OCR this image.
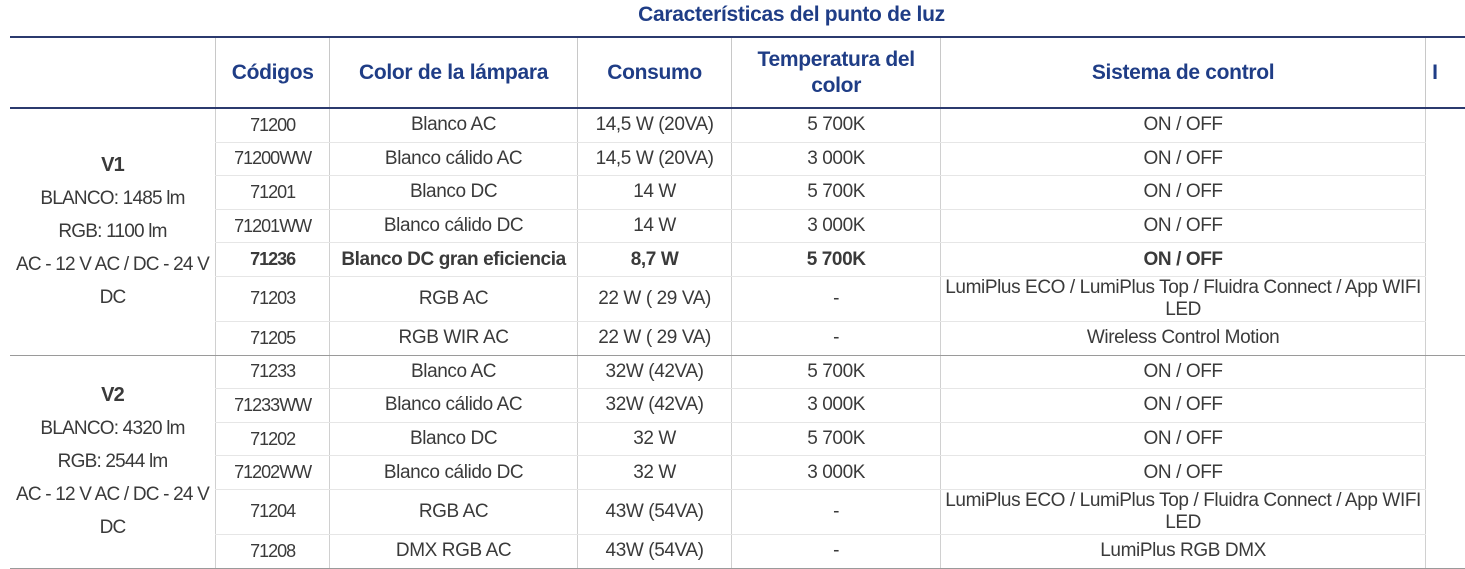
Características del punto de luz
	Códigos	Color de la lámpara	Consumo	Temperatura del color	Sistema de control	I

V1
BLANCO: 1485 lm
RGB: 1100 lm
AC - 12 V AC / DC - 24 V DC	71200	Blanco AC	14,5 W (20VA)	5 700K	ON / OFF	
	71200WW	Blanco cálido AC	14,5 W (20VA)	3 000K	ON / OFF	
	71201	Blanco DC	14 W	5 700K	ON / OFF	
	71201WW	Blanco cálido DC	14 W	3 000K	ON / OFF	
	71236	Blanco DC gran eficiencia	8,7 W	5 700K	ON / OFF	
	71203	RGB AC	22 W ( 29 VA)	-	LumiPlus ECO / LumiPlus Top / Fluidra Connect / App WIFI LED	
	71205	RGB WIR AC	22 W ( 29 VA)	-	Wireless Control Motion	

V2
BLANCO: 4320 lm
RGB: 2544 lm
AC - 12 V AC / DC - 24 V DC	71233	Blanco AC	32W (42VA)	5 700K	ON / OFF	
	71233WW	Blanco cálido AC	32W (42VA)	3 000K	ON / OFF	
	71202	Blanco DC	32 W	5 700K	ON / OFF	
	71202WW	Blanco cálido DC	32 W	3 000K	ON / OFF	
	71204	RGB AC	43W (54VA)	-	LumiPlus ECO / LumiPlus Top / Fluidra Connect / App WIFI LED	
	71208	DMX RGB AC	43W (54VA)	-	LumiPlus RGB DMX	
